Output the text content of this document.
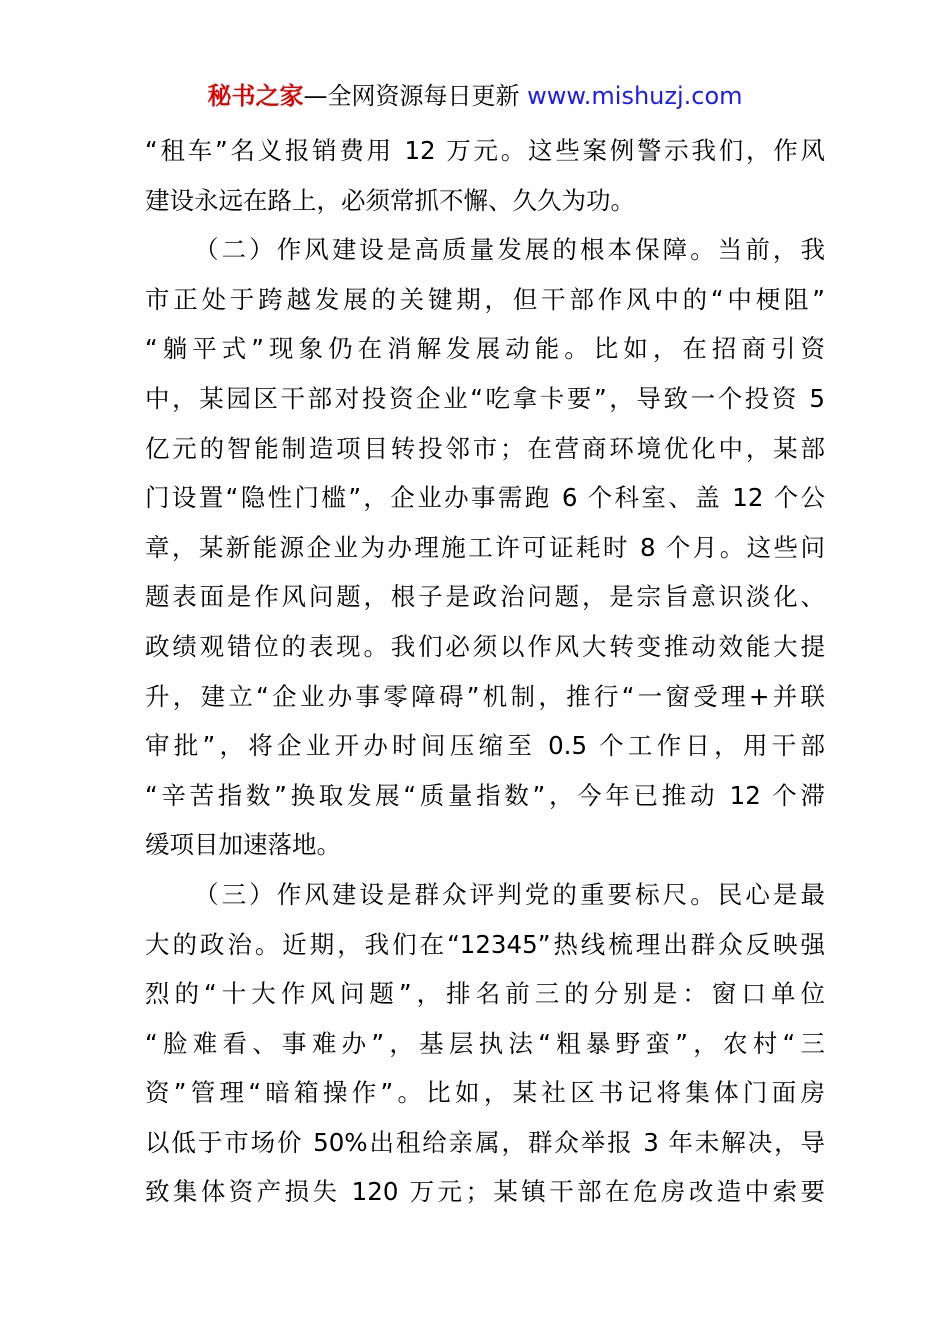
秘书之家—全网资源每日更新 www.mishuzj.com
“租车”名义报销费用 12 万元。这些案例警示我们，作风
建设永远在路上，必须常抓不懈、久久为功。
（二）作风建设是高质量发展的根本保障。当前，我
市正处于跨越发展的关键期，但干部作风中的“中梗阻”
“躺平式”现象仍在消解发展动能。比如，在招商引资
中，某园区干部对投资企业“吃拿卡要”，导致一个投资 5
亿元的智能制造项目转投邻市；在营商环境优化中，某部
门设置“隐性门槛”，企业办事需跑 6 个科室、盖 12 个公
章，某新能源企业为办理施工许可证耗时 8 个月。这些问
题表面是作风问题，根子是政治问题，是宗旨意识淡化、
政绩观错位的表现。我们必须以作风大转变推动效能大提
升，建立“企业办事零障碍”机制，推行“一窗受理+并联
审批”，将企业开办时间压缩至 0.5 个工作日，用干部
“辛苦指数”换取发展“质量指数”，今年已推动 12 个滞
缓项目加速落地。
（三）作风建设是群众评判党的重要标尺。民心是最
大的政治。近期，我们在“12345”热线梳理出群众反映强
烈的“十大作风问题”，排名前三的分别是：窗口单位
“脸难看、事难办”，基层执法“粗暴野蛮”，农村“三
资”管理“暗箱操作”。比如，某社区书记将集体门面房
以低于市场价 50%出租给亲属，群众举报 3 年未解决，导
致集体资产损失 120 万元；某镇干部在危房改造中索要
